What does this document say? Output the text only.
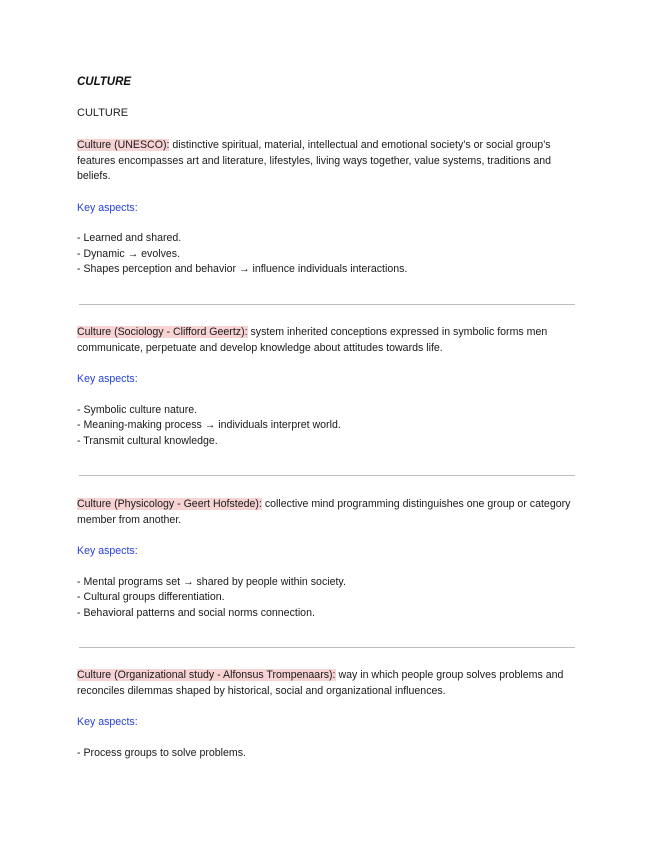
CULTURE
CULTURE

Culture (UNESCO): distinctive spiritual, material, intellectual and emotional society’s or social group’s features encompasses art and literature, lifestyles, living ways together, value systems, traditions and beliefs.

Key aspects:
- Learned and shared.
- Dynamic → evolves.
- Shapes perception and behavior → influence individuals interactions.

Culture (Sociology - Clifford Geertz): system inherited conceptions expressed in symbolic forms men communicate, perpetuate and develop knowledge about attitudes towards life.

Key aspects:
- Symbolic culture nature.
- Meaning-making process → individuals interpret world.
- Transmit cultural knowledge.

Culture (Physicology - Geert Hofstede): collective mind programming distinguishes one group or category member from another.

Key aspects:
- Mental programs set → shared by people within society.
- Cultural groups differentiation.
- Behavioral patterns and social norms connection.

Culture (Organizational study - Alfonsus Trompenaars): way in which people group solves problems and reconciles dilemmas shaped by historical, social and organizational influences.

Key aspects:
- Process groups to solve problems.
